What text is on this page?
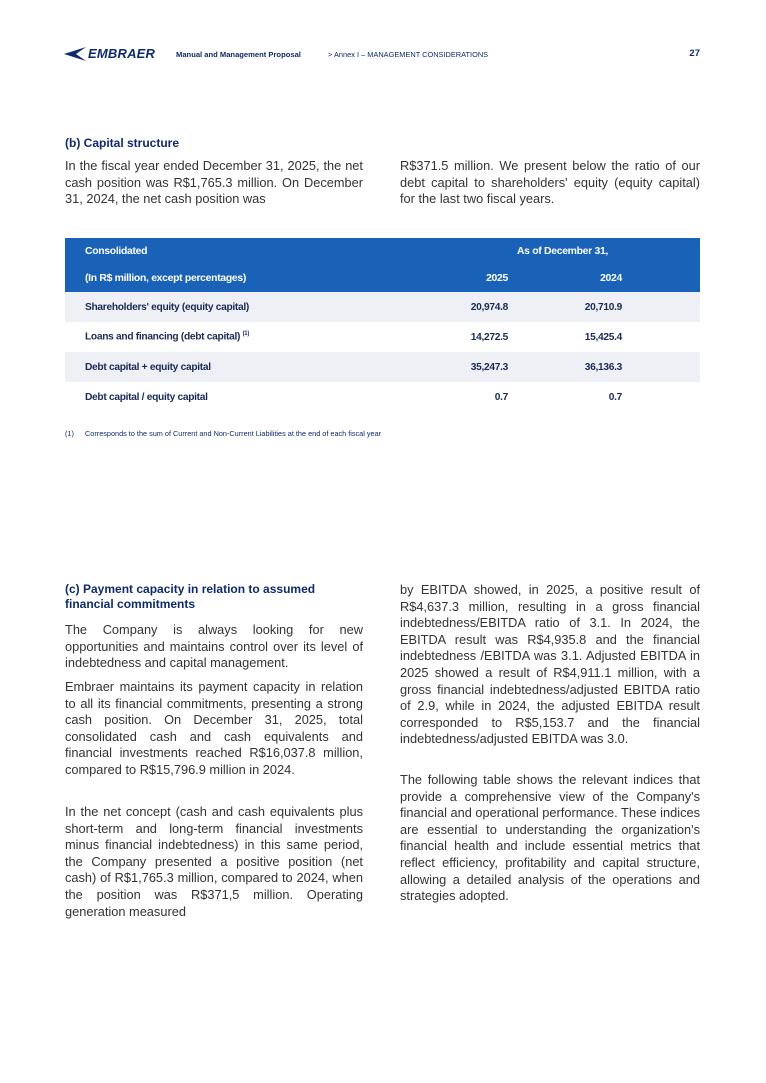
EMBRAER	Manual and Management Proposal	> Annex I – MANAGEMENT CONSIDERATIONS	27
(b) Capital structure

In the fiscal year ended December 31, 2025, the net cash position was R$1,765.3 million. On December 31, 2024, the net cash position was

R$371.5 million. We present below the ratio of our debt capital to shareholders' equity (equity capital) for the last two fiscal years.

Consolidated	As of December 31,	
(In R$ million, except percentages)	2025	2024
Shareholders' equity (equity capital)	20,974.8	20,710.9
Loans and financing (debt capital) $^{(1)}$	14,272.5	15,425.4
Debt capital + equity capital	35,247.3	36,136.3
Debt capital / equity capital	0.7	0.7
(1)	Corresponds to the sum of Current and Non-Current Liabilities at the end of each fiscal year
(c) Payment capacity in relation to assumed financial commitments

The Company is always looking for new opportunities and maintains control over its level of indebtedness and capital management.

Embraer maintains its payment capacity in relation to all its financial commitments, presenting a strong cash position. On December 31, 2025, total consolidated cash and cash equivalents and financial investments reached R$16,037.8 million, compared to R$15,796.9 million in 2024.

In the net concept (cash and cash equivalents plus short-term and long-term financial investments minus financial indebtedness) in this same period, the Company presented a positive position (net cash) of R$1,765.3 million, compared to 2024, when the position was R$371,5 million. Operating generation measured

by EBITDA showed, in 2025, a positive result of R$4,637.3 million, resulting in a gross financial indebtedness/EBITDA ratio of 3.1. In 2024, the EBITDA result was R$4,935.8 and the financial indebtedness /EBITDA was 3.1. Adjusted EBITDA in 2025 showed a result of R$4,911.1 million, with a gross financial indebtedness/adjusted EBITDA ratio of 2.9, while in 2024, the adjusted EBITDA result corresponded to R$5,153.7 and the financial indebtedness/adjusted EBITDA was 3.0.

The following table shows the relevant indices that provide a comprehensive view of the Company's financial and operational performance. These indices are essential to understanding the organization's financial health and include essential metrics that reflect efficiency, profitability and capital structure, allowing a detailed analysis of the operations and strategies adopted.
